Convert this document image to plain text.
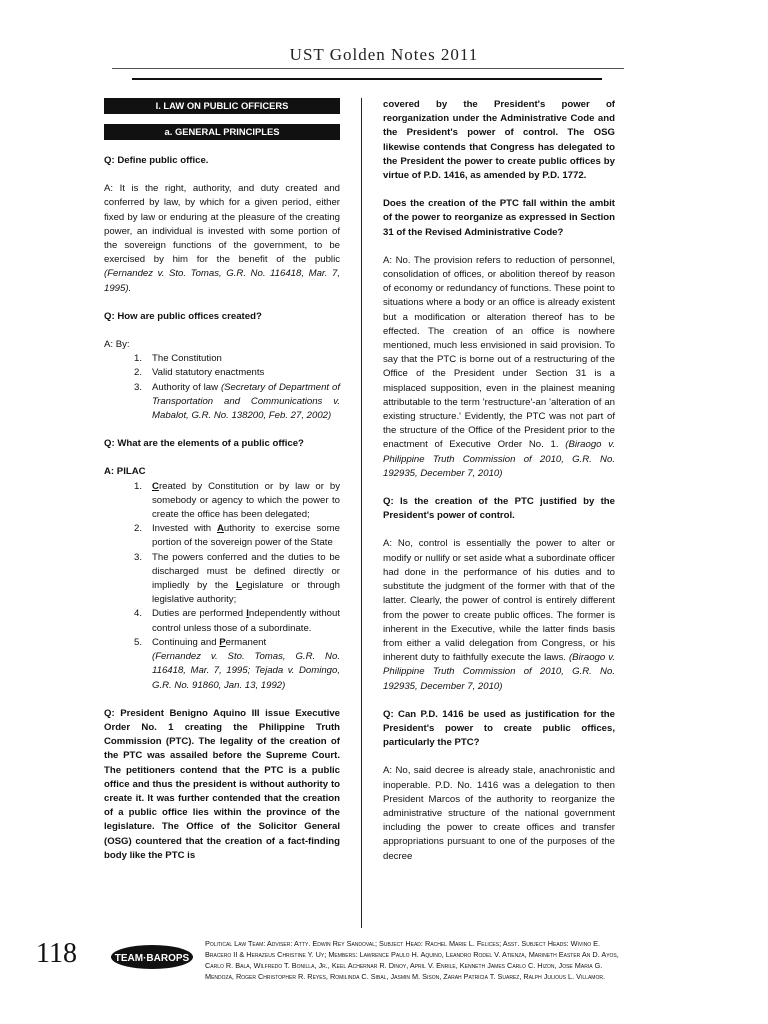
UST Golden Notes 2011
I. LAW ON PUBLIC OFFICERS
a. GENERAL PRINCIPLES

Q: Define public office.

A: It is the right, authority, and duty created and conferred by law, by which for a given period, either fixed by law or enduring at the pleasure of the creating power, an individual is invested with some portion of the sovereign functions of the government, to be exercised by him for the benefit of the public (Fernandez v. Sto. Tomas, G.R. No. 116418, Mar. 7, 1995).

Q: How are public offices created?

A: By:

1.	The Constitution
2.	Valid statutory enactments
3.	Authority of law (Secretary of Department of Transportation and Communications v. Mabalot, G.R. No. 138200, Feb. 27, 2002)

Q: What are the elements of a public office?

A: PILAC

1.	Created by Constitution or by law or by somebody or agency to which the power to create the office has been delegated;
2.	Invested with Authority to exercise some portion of the sovereign power of the State
3.	The powers conferred and the duties to be discharged must be defined directly or impliedly by the Legislature or through legislative authority;
4.	Duties are performed Independently without control unless those of a subordinate.
5.	Continuing and Permanent

(Fernandez v. Sto. Tomas, G.R. No. 116418, Mar. 7, 1995; Tejada v. Domingo, G.R. No. 91860, Jan. 13, 1992)

Q: President Benigno Aquino III issue Executive Order No. 1 creating the Philippine Truth Commission (PTC). The legality of the creation of the PTC was assailed before the Supreme Court. The petitioners contend that the PTC is a public office and thus the president is without authority to create it. It was further contended that the creation of a public office lies within the province of the legislature. The Office of the Solicitor General (OSG) countered that the creation of a fact-finding body like the PTC is

covered by the President's power of reorganization under the Administrative Code and the President's power of control. The OSG likewise contends that Congress has delegated to the President the power to create public offices by virtue of P.D. 1416, as amended by P.D. 1772.

Does the creation of the PTC fall within the ambit of the power to reorganize as expressed in Section 31 of the Revised Administrative Code?

A: No. The provision refers to reduction of personnel, consolidation of offices, or abolition thereof by reason of economy or redundancy of functions. These point to situations where a body or an office is already existent but a modification or alteration thereof has to be effected. The creation of an office is nowhere mentioned, much less envisioned in said provision. To say that the PTC is borne out of a restructuring of the Office of the President under Section 31 is a misplaced supposition, even in the plainest meaning attributable to the term 'restructure'-an 'alteration of an existing structure.' Evidently, the PTC was not part of the structure of the Office of the President prior to the enactment of Executive Order No. 1. (Biraogo v. Philippine Truth Commission of 2010, G.R. No. 192935, December 7, 2010)

Q: Is the creation of the PTC justified by the President's power of control.

A: No, control is essentially the power to alter or modify or nullify or set aside what a subordinate officer had done in the performance of his duties and to substitute the judgment of the former with that of the latter. Clearly, the power of control is entirely different from the power to create public offices. The former is inherent in the Executive, while the latter finds basis from either a valid delegation from Congress, or his inherent duty to faithfully execute the laws. (Biraogo v. Philippine Truth Commission of 2010, G.R. No. 192935, December 7, 2010)

Q: Can P.D. 1416 be used as justification for the President's power to create public offices, particularly the PTC?

A: No, said decree is already stale, anachronistic and inoperable. P.D. No. 1416 was a delegation to then President Marcos of the authority to reorganize the administrative structure of the national government including the power to create offices and transfer appropriations pursuant to one of the purposes of the decree

118	TEAM·BAROPS
Political Law Team: Adviser: Atty. Edwin Rey Sandoval; Subject Head: Rachel Marie L. Felices; Asst. Subject Heads: Wivino E. Bracero II & Herazeus Christine Y. Uy; Members: Lawrence Paulo H. Aquino, Leandro Rodel V. Atienza, Marineth Easter An D. Ayos, Carlo R. Bala, Wilfredo T. Bonilla, Jr., Keel Achernar R. Dinoy, April V. Enrile, Kenneth James Carlo C. Hizon, Jose Maria G. Mendoza, Roger Christopher R. Reyes, Romilinda C. Sibal, Jasmin M. Sison, Zarah Patricia T. Suarez, Ralph Julious L. Villamor.
